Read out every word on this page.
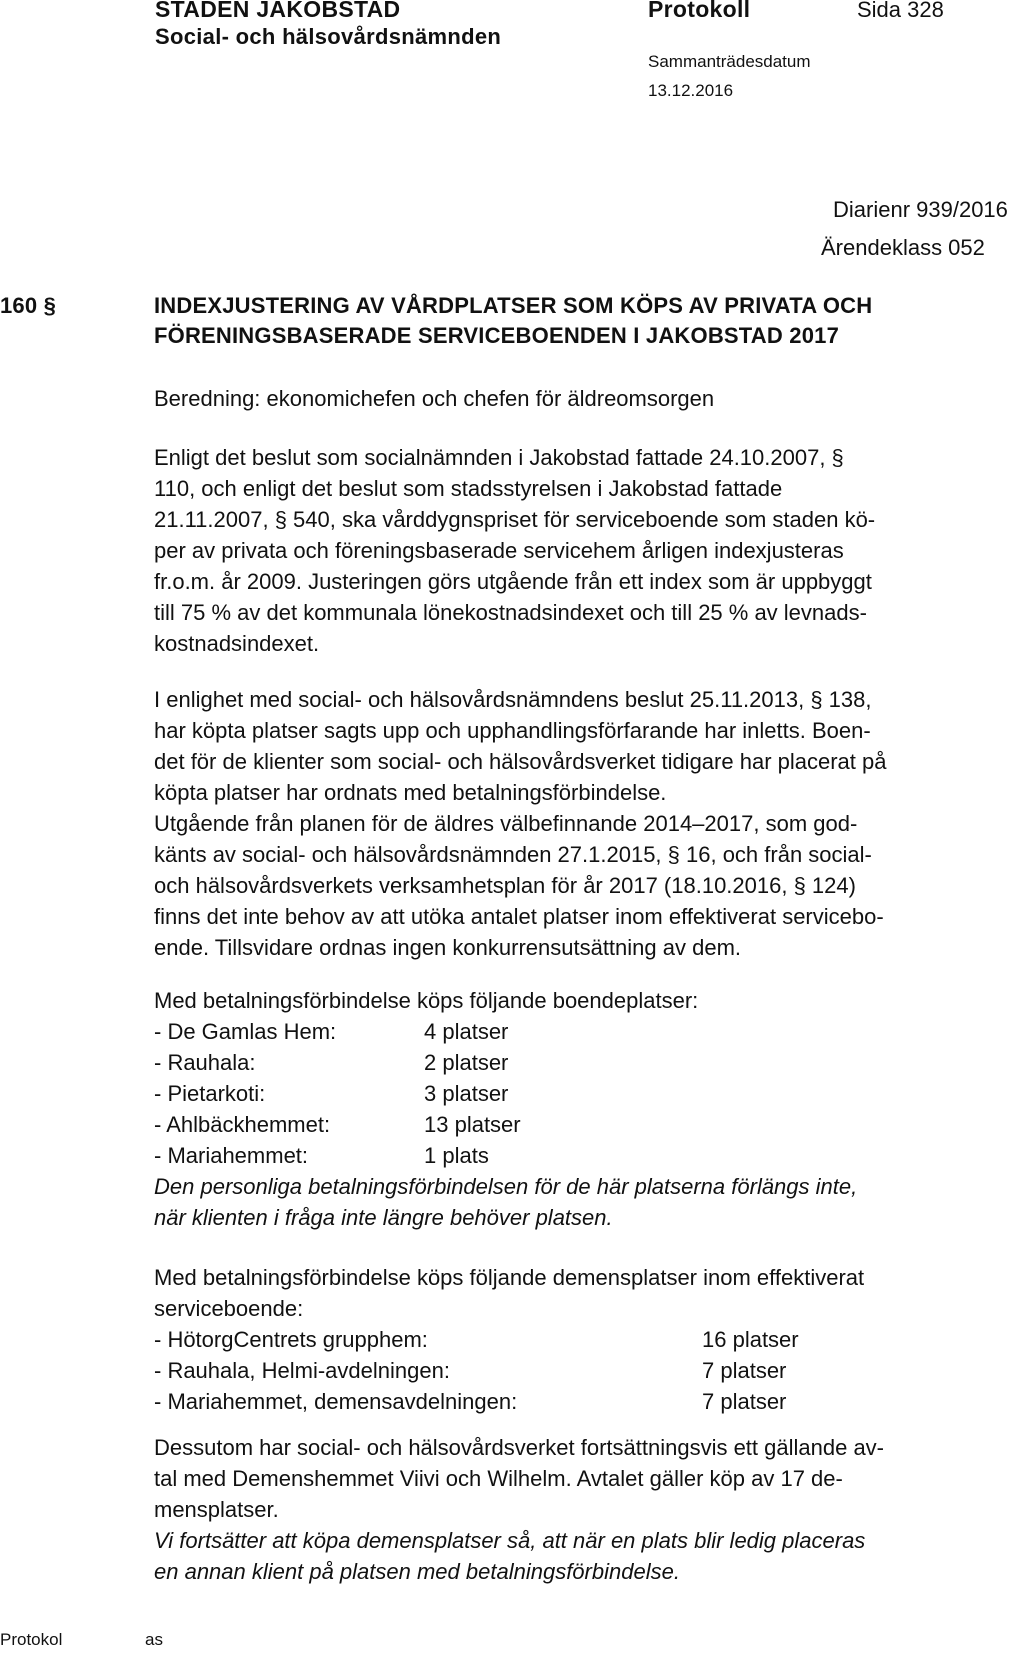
STADEN JAKOBSTAD
Social- och hälsovårdsnämnden
Protokoll	Sida 328
Sammanträdesdatum
13.12.2016
Diarienr 939/2016
Ärendeklass 052
160 §	INDEXJUSTERING AV VÅRDPLATSER SOM KÖPS AV PRIVATA OCH
FÖRENINGSBASERADE SERVICEBOENDEN I JAKOBSTAD 2017
Beredning: ekonomichefen och chefen för äldreomsorgen
Enligt det beslut som socialnämnden i Jakobstad fattade 24.10.2007, §
110, och enligt det beslut som stadsstyrelsen i Jakobstad fattade
21.11.2007, § 540, ska vårddygnspriset för serviceboende som staden kö-
per av privata och föreningsbaserade servicehem årligen indexjusteras
fr.o.m. år 2009. Justeringen görs utgående från ett index som är uppbyggt
till 75 % av det kommunala lönekostnadsindexet och till 25 % av levnads-
kostnadsindexet.
I enlighet med social- och hälsovårdsnämndens beslut 25.11.2013, § 138,
har köpta platser sagts upp och upphandlingsförfarande har inletts. Boen-
det för de klienter som social- och hälsovårdsverket tidigare har placerat på
köpta platser har ordnats med betalningsförbindelse.
Utgående från planen för de äldres välbefinnande 2014–2017, som god-
känts av social- och hälsovårdsnämnden 27.1.2015, § 16, och från social-
och hälsovårdsverkets verksamhetsplan för år 2017 (18.10.2016, § 124)
finns det inte behov av att utöka antalet platser inom effektiverat servicebo-
ende. Tillsvidare ordnas ingen konkurrensutsättning av dem.
Med betalningsförbindelse köps följande boendeplatser:
- De Gamlas Hem:	4 platser
- Rauhala:	2 platser
- Pietarkoti:	3 platser
- Ahlbäckhemmet:	13 platser
- Mariahemmet:	1 plats
Den personliga betalningsförbindelsen för de här platserna förlängs inte,
när klienten i fråga inte längre behöver platsen.
Med betalningsförbindelse köps följande demensplatser inom effektiverat
serviceboende:
- HötorgCentrets grupphem:	16 platser
- Rauhala, Helmi-avdelningen:	7 platser
- Mariahemmet, demensavdelningen:	7 platser
Dessutom har social- och hälsovårdsverket fortsättningsvis ett gällande av-
tal med Demenshemmet Viivi och Wilhelm. Avtalet gäller köp av 17 de-
mensplatser.
Vi fortsätter att köpa demensplatser så, att när en plats blir ledig placeras
en annan klient på platsen med betalningsförbindelse.
Protokol	as
